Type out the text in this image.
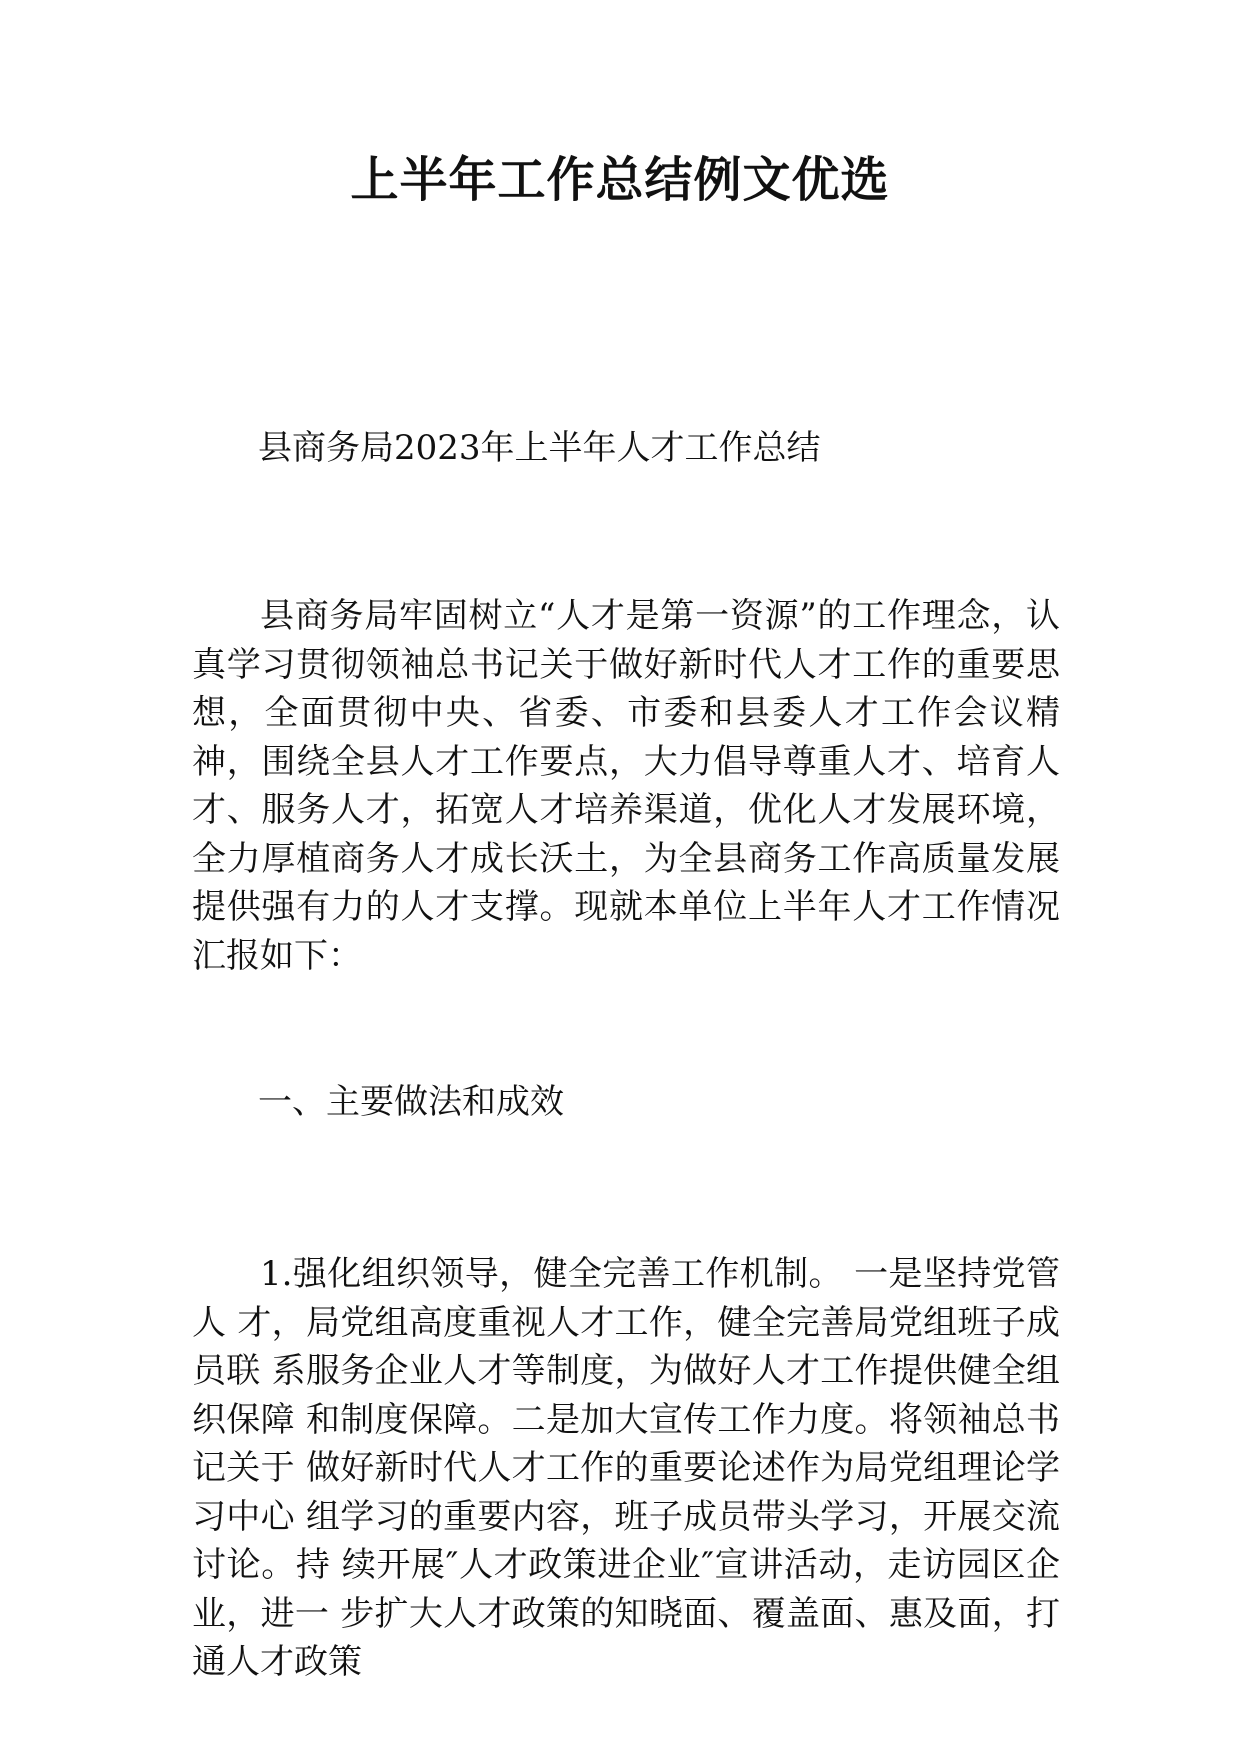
上半年工作总结例文优选

县商务局2023年上半年人才工作总结

县商务局牢固树立“人才是第一资源”的工作理念，认真学习贯彻领袖总书记关于做好新时代人才工作的重要思想，全面贯彻中央、省委、市委和县委人才工作会议精神，围绕全县人才工作要点，大力倡导尊重人才、培育人才、服务人才，拓宽人才培养渠道，优化人才发展环境，全力厚植商务人才成长沃土，为全县商务工作高质量发展提供强有力的人才支撑。现就本单位上半年人才工作情况汇报如下：

一、主要做法和成效

1.强化组织领导，健全完善工作机制。 一是坚持党管人 才，局党组高度重视人才工作，健全完善局党组班子成员联 系服务企业人才等制度，为做好人才工作提供健全组织保障 和制度保障。二是加大宣传工作力度。将领袖总书记关于 做好新时代人才工作的重要论述作为局党组理论学习中心 组学习的重要内容，班子成员带头学习，开展交流讨论。持 续开展″人才政策进企业″宣讲活动，走访园区企业，进一 步扩大人才政策的知晓面、覆盖面、惠及面，打通人才政策
